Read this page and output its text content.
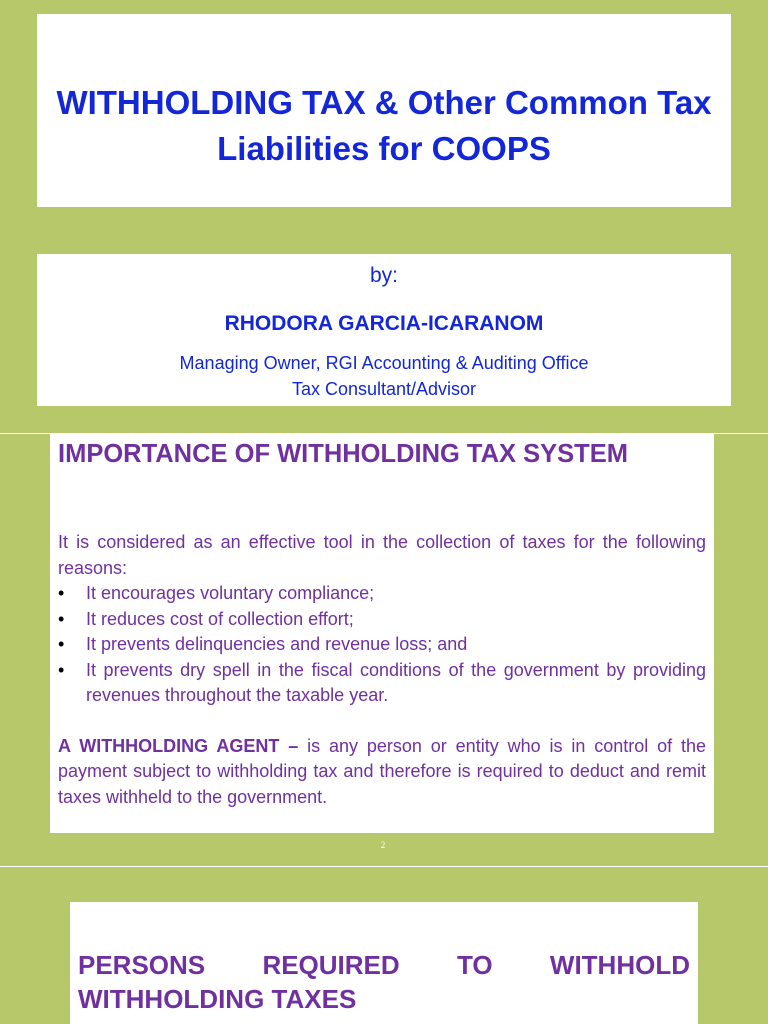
WITHHOLDING TAX & Other Common Tax Liabilities for COOPS

by:

RHODORA GARCIA-ICARANOM

Managing Owner, RGI Accounting & Auditing Office

Tax Consultant/Advisor

IMPORTANCE OF WITHHOLDING TAX SYSTEM
It is considered as an effective tool in the collection of taxes for the following reasons:
• It encourages voluntary compliance;
• It reduces cost of collection effort;
• It prevents delinquencies and revenue loss; and
• It prevents dry spell in the fiscal conditions of the government by providing revenues throughout the taxable year.
A WITHHOLDING AGENT – is any person or entity who is in control of the payment subject to withholding tax and therefore is required to deduct and remit taxes withheld to the government.
2
PERSONS REQUIRED TO WITHHOLD WITHHOLDING TAXES
